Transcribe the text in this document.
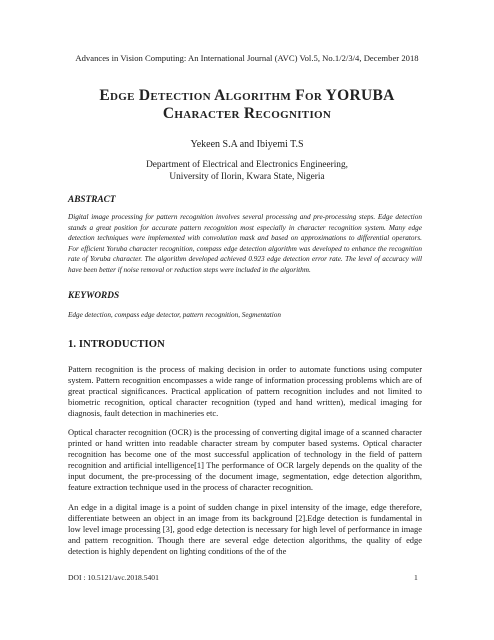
Advances in Vision Computing: An International Journal (AVC) Vol.5, No.1/2/3/4, December 2018
Edge Detection Algorithm For YORUBA
Character Recognition
Yekeen S.A and Ibiyemi T.S
Department of Electrical and Electronics Engineering,
University of Ilorin, Kwara State, Nigeria
ABSTRACT
Digital image processing for pattern recognition involves several processing and pre-processing steps. Edge detection stands a great position for accurate pattern recognition most especially in character recognition system. Many edge detection techniques were implemented with convolution mask and based on approximations to differential operators. For efficient Yoruba character recognition, compass edge detection algorithm was developed to enhance the recognition rate of Yoruba character. The algorithm developed achieved 0.923 edge detection error rate. The level of accuracy will have been better if noise removal or reduction steps were included in the algorithm.
KEYWORDS
Edge detection, compass edge detector, pattern recognition, Segmentation
1. INTRODUCTION
Pattern recognition is the process of making decision in order to automate functions using computer system. Pattern recognition encompasses a wide range of information processing problems which are of great practical significances. Practical application of pattern recognition includes and not limited to biometric recognition, optical character recognition (typed and hand written), medical imaging for diagnosis, fault detection in machineries etc.
Optical character recognition (OCR) is the processing of converting digital image of a scanned character printed or hand written into readable character stream by computer based systems. Optical character recognition has become one of the most successful application of technology in the field of pattern recognition and artificial intelligence[1] The performance of OCR largely depends on the quality of the input document, the pre-processing of the document image, segmentation, edge detection algorithm, feature extraction technique used in the process of character recognition.
An edge in a digital image is a point of sudden change in pixel intensity of the image, edge therefore, differentiate between an object in an image from its background [2].Edge detection is fundamental in low level image processing [3], good edge detection is necessary for high level of performance in image and pattern recognition. Though there are several edge detection algorithms, the quality of edge detection is highly dependent on lighting conditions of the of the
DOI : 10.5121/avc.2018.5401	1
